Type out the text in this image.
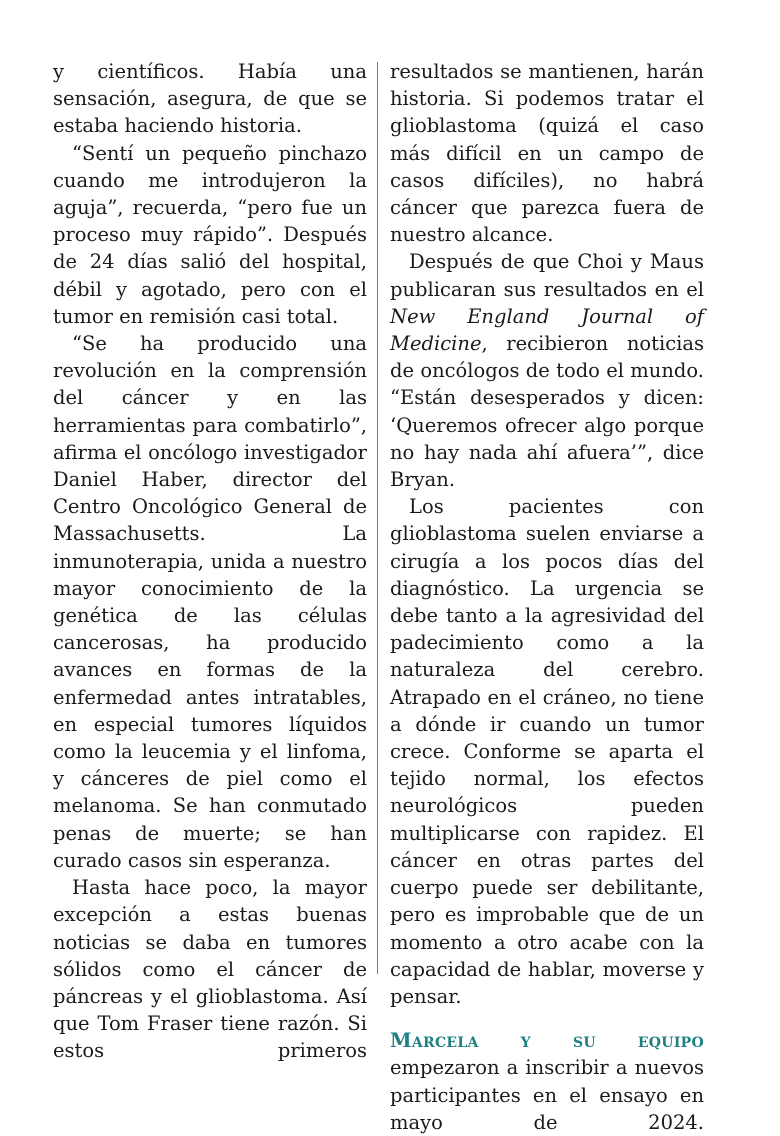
y científicos. Había una sensación, asegura, de que se estaba haciendo historia.

“Sentí un pequeño pinchazo cuando me introdujeron la aguja”, recuerda, “pero fue un proceso muy rápido”. Después de 24 días salió del hospital, débil y agotado, pero con el tumor en remisión casi total.

“Se ha producido una revolución en la comprensión del cáncer y en las herramientas para combatirlo”, afirma el oncólogo investigador Daniel Haber, director del Centro Oncológico General de Massachusetts. La inmunoterapia, unida a nuestro mayor conocimiento de la genética de las células cancerosas, ha producido avances en formas de la enfermedad antes intratables, en especial tumores líquidos como la leucemia y el linfoma, y cánceres de piel como el melanoma. Se han conmutado penas de muerte; se han curado casos sin esperanza.

Hasta hace poco, la mayor excepción a estas buenas noticias se daba en tumores sólidos como el cáncer de páncreas y el glioblastoma. Así que Tom Fraser tiene razón. Si estos primeros

resultados se mantienen, harán historia. Si podemos tratar el glioblastoma (quizá el caso más difícil en un campo de casos difíciles), no habrá cáncer que parezca fuera de nuestro alcance.

Después de que Choi y Maus publicaran sus resultados en el New England Journal of Medicine, recibieron noticias de oncólogos de todo el mundo. “Están desesperados y dicen: ‘Queremos ofrecer algo porque no hay nada ahí afuera’”, dice Bryan.

Los pacientes con glioblastoma suelen enviarse a cirugía a los pocos días del diagnóstico. La urgencia se debe tanto a la agresividad del padecimiento como a la naturaleza del cerebro. Atrapado en el cráneo, no tiene a dónde ir cuando un tumor crece. Conforme se aparta el tejido normal, los efectos neurológicos pueden multiplicarse con rapidez. El cáncer en otras partes del cuerpo puede ser debilitante, pero es improbable que de un momento a otro acabe con la capacidad de hablar, moverse y pensar.

Marcela y su equipo empezaron a inscribir a nuevos participantes en el ensayo en mayo de 2024.
